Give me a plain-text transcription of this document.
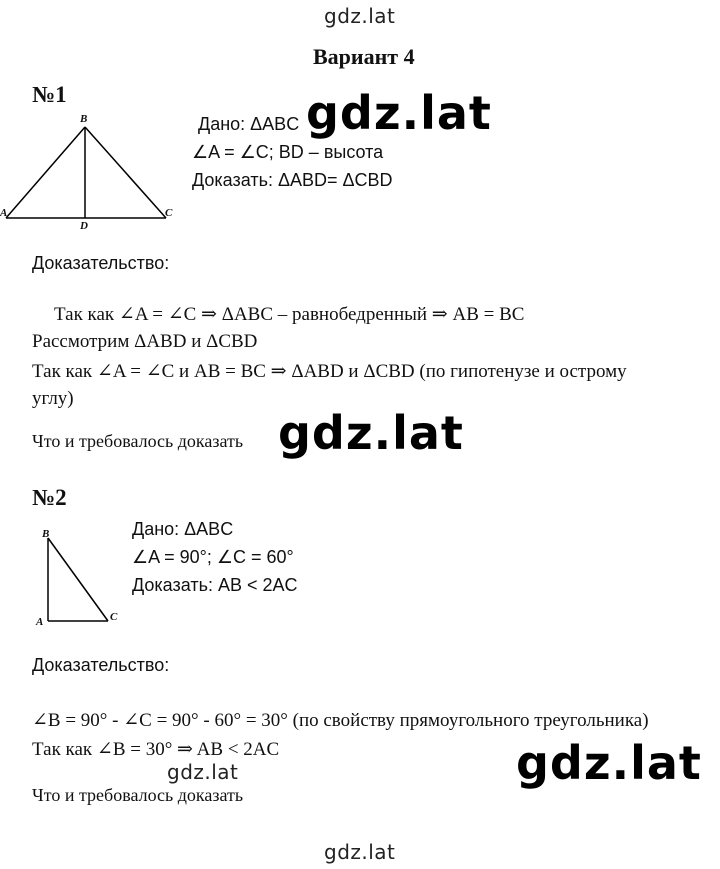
gdz.lat
gdz.lat
gdz.lat
gdz.lat
gdz.lat
gdz.lat
Вариант 4
№1
B
A	C
D
Дано: ΔABC
∠A = ∠C; BD – высота
Доказать: ΔABD= ΔCBD
Доказательство:
Так как ∠A = ∠C ⇒ ΔABC – равнобедренный ⇒ AB = BC
Рассмотрим ΔABD и ΔCBD
Так как ∠A = ∠C и AB = BC ⇒ ΔABD и ΔCBD (по гипотенузе и острому
углу)
Что и требовалось доказать
№2
B
A	C
Дано: ΔABC
∠A = 90°; ∠C = 60°
Доказать: AB < 2AC
Доказательство:
∠B = 90° - ∠C = 90° - 60° = 30° (по свойству прямоугольного треугольника)
Так как ∠B = 30° ⇒ AB < 2AC
Что и требовалось доказать
